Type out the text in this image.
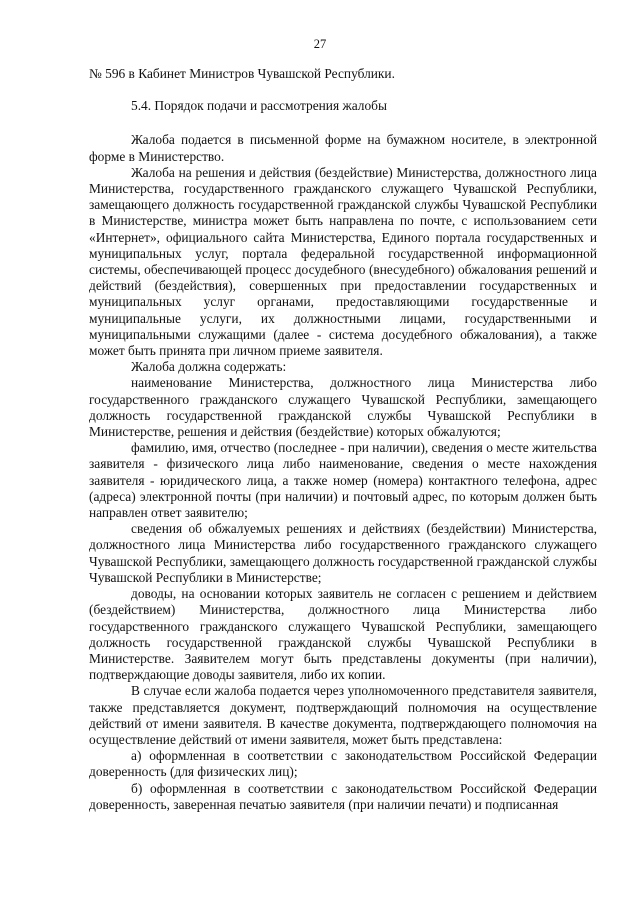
27

№ 596 в Кабинет Министров Чувашской Республики.

5.4. Порядок подачи и рассмотрения жалобы

Жалоба подается в письменной форме на бумажном носителе, в электронной форме в Министерство.

Жалоба на решения и действия (бездействие) Министерства, должностного лица Министерства, государственного гражданского служащего Чувашской Республики, замещающего должность государственной гражданской службы Чувашской Республики в Министерстве, министра может быть направлена по почте, с использованием сети «Интернет», официального сайта Министерства, Единого портала государственных и муниципальных услуг, портала федеральной государственной информационной системы, обеспечивающей процесс досудебного (внесудебного) обжалования решений и действий (бездействия), совершенных при предоставлении государственных и муниципальных услуг органами, предоставляющими государственные и муниципальные услуги, их должностными лицами, государственными и муниципальными служащими (далее - система досудебного обжалования), а также может быть принята при личном приеме заявителя.

Жалоба должна содержать:

наименование Министерства, должностного лица Министерства либо государственного гражданского служащего Чувашской Республики, замещающего должность государственной гражданской службы Чувашской Республики в Министерстве, решения и действия (бездействие) которых обжалуются;

фамилию, имя, отчество (последнее - при наличии), сведения о месте жительства заявителя - физического лица либо наименование, сведения о месте нахождения заявителя - юридического лица, а также номер (номера) контактного телефона, адрес (адреса) электронной почты (при наличии) и почтовый адрес, по которым должен быть направлен ответ заявителю;

сведения об обжалуемых решениях и действиях (бездействии) Министерства, должностного лица Министерства либо государственного гражданского служащего Чувашской Республики, замещающего должность государственной гражданской службы Чувашской Республики в Министерстве;

доводы, на основании которых заявитель не согласен с решением и действием (бездействием) Министерства, должностного лица Министерства либо государственного гражданского служащего Чувашской Республики, замещающего должность государственной гражданской службы Чувашской Республики в Министерстве. Заявителем могут быть представлены документы (при наличии), подтверждающие доводы заявителя, либо их копии.

В случае если жалоба подается через уполномоченного представителя заявителя, также представляется документ, подтверждающий полномочия на осуществление действий от имени заявителя. В качестве документа, подтверждающего полномочия на осуществление действий от имени заявителя, может быть представлена:

а) оформленная в соответствии с законодательством Российской Федерации доверенность (для физических лиц);

б) оформленная в соответствии с законодательством Российской Федерации доверенность, заверенная печатью заявителя (при наличии печати) и подписанная
